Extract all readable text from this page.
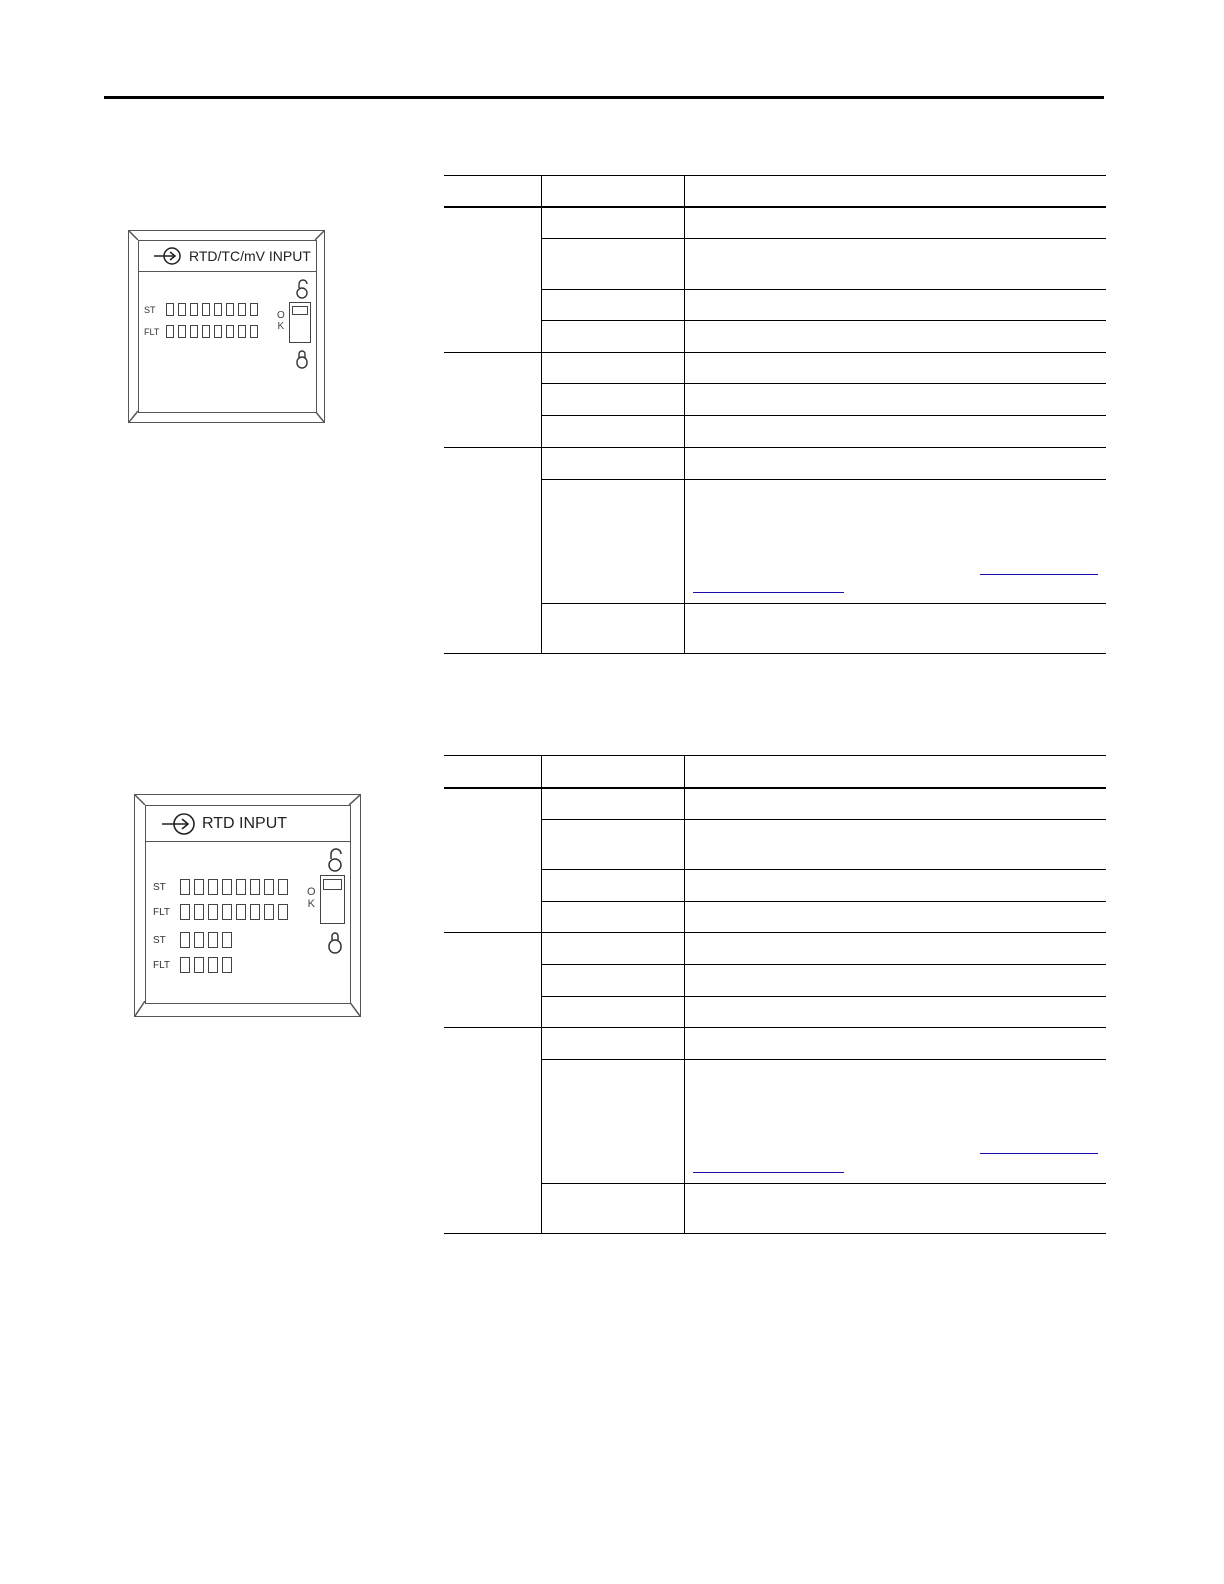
RTD/TC/mV INPUT
ST
FLT
O
K
RTD INPUT
ST
FLT
ST
FLT
O
K
